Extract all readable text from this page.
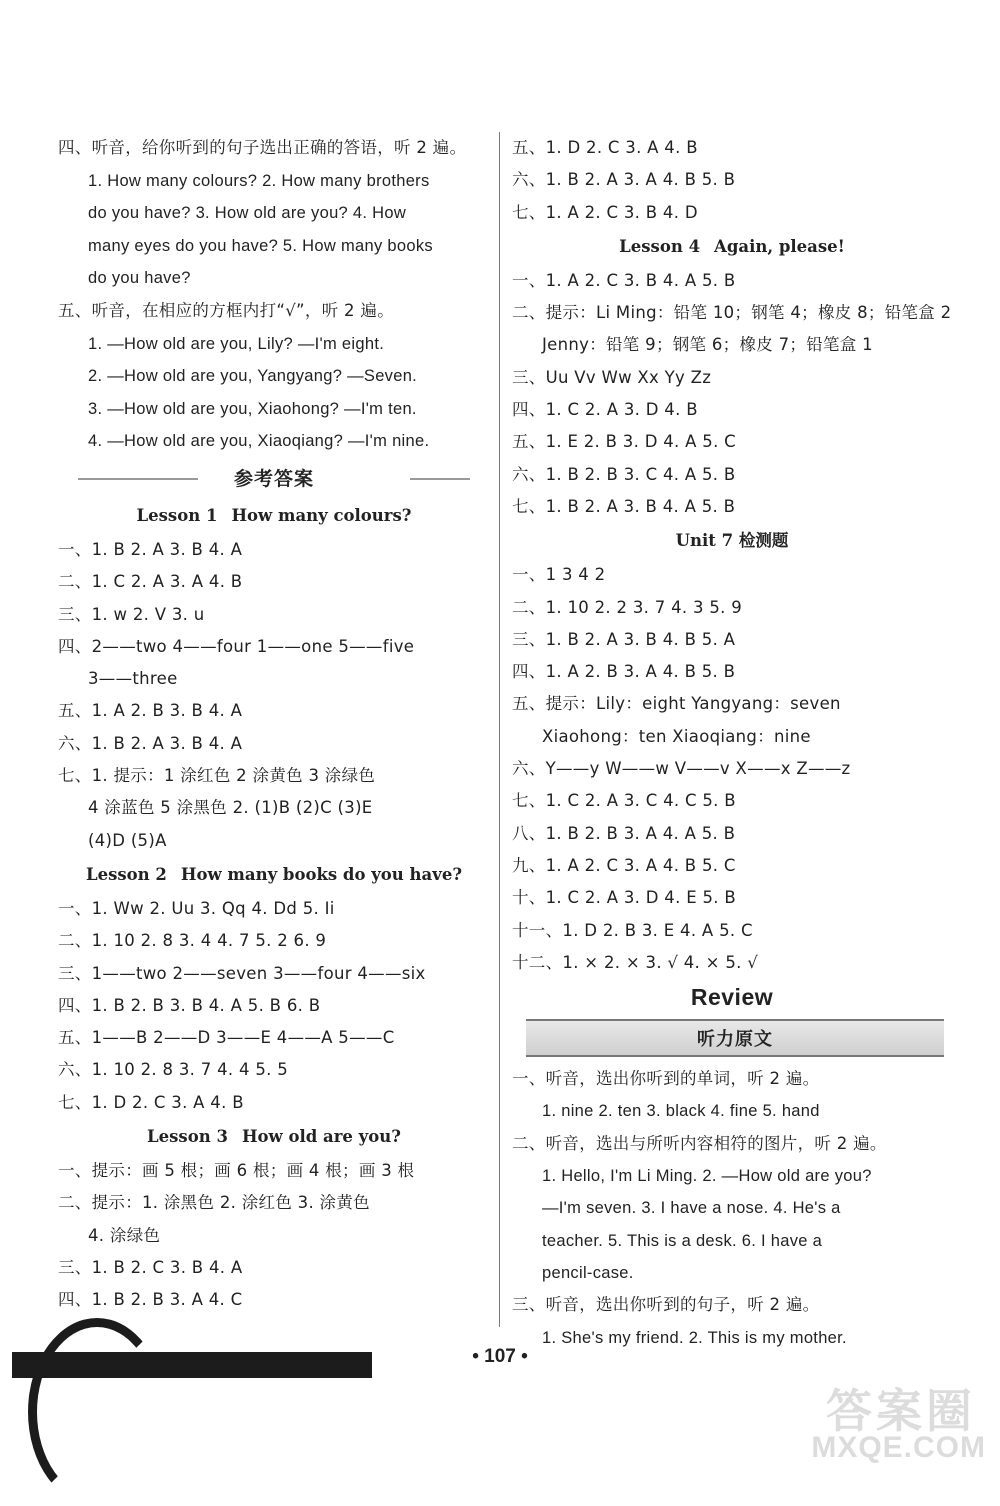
四、听音，给你听到的句子选出正确的答语，听 2 遍。
1. How many colours? 2. How many brothers
do you have? 3. How old are you? 4. How
many eyes do you have? 5. How many books
do you have?
五、听音，在相应的方框内打“√”，听 2 遍。
1. —How old are you, Lily? —I'm eight.
2. —How old are you, Yangyang? —Seven.
3. —How old are you, Xiaohong? —I'm ten.
4. —How old are you, Xiaoqiang? —I'm nine.
参考答案
Lesson 1 How many colours?
一、1. B 2. A 3. B 4. A
二、1. C 2. A 3. A 4. B
三、1. w 2. V 3. u
四、2——two 4——four 1——one 5——five
3——three
五、1. A 2. B 3. B 4. A
六、1. B 2. A 3. B 4. A
七、1. 提示：1 涂红色 2 涂黄色 3 涂绿色
4 涂蓝色 5 涂黑色 2. (1)B (2)C (3)E
(4)D (5)A
Lesson 2 How many books do you have?
一、1. Ww 2. Uu 3. Qq 4. Dd 5. Ii
二、1. 10 2. 8 3. 4 4. 7 5. 2 6. 9
三、1——two 2——seven 3——four 4——six
四、1. B 2. B 3. B 4. A 5. B 6. B
五、1——B 2——D 3——E 4——A 5——C
六、1. 10 2. 8 3. 7 4. 4 5. 5
七、1. D 2. C 3. A 4. B
Lesson 3 How old are you?
一、提示：画 5 根；画 6 根；画 4 根；画 3 根
二、提示：1. 涂黑色 2. 涂红色 3. 涂黄色
4. 涂绿色
三、1. B 2. C 3. B 4. A
四、1. B 2. B 3. A 4. C
五、1. D 2. C 3. A 4. B
六、1. B 2. A 3. A 4. B 5. B
七、1. A 2. C 3. B 4. D
Lesson 4 Again, please!
一、1. A 2. C 3. B 4. A 5. B
二、提示：Li Ming：铅笔 10；钢笔 4；橡皮 8；铅笔盒 2
Jenny：铅笔 9；钢笔 6；橡皮 7；铅笔盒 1
三、Uu Vv Ww Xx Yy Zz
四、1. C 2. A 3. D 4. B
五、1. E 2. B 3. D 4. A 5. C
六、1. B 2. B 3. C 4. A 5. B
七、1. B 2. A 3. B 4. A 5. B
Unit 7 检测题
一、1 3 4 2
二、1. 10 2. 2 3. 7 4. 3 5. 9
三、1. B 2. A 3. B 4. B 5. A
四、1. A 2. B 3. A 4. B 5. B
五、提示：Lily：eight Yangyang：seven
Xiaohong：ten Xiaoqiang：nine
六、Y——y W——w V——v X——x Z——z
七、1. C 2. A 3. C 4. C 5. B
八、1. B 2. B 3. A 4. A 5. B
九、1. A 2. C 3. A 4. B 5. C
十、1. C 2. A 3. D 4. E 5. B
十一、1. D 2. B 3. E 4. A 5. C
十二、1. × 2. × 3. √ 4. × 5. √
Review
听力原文
一、听音，选出你听到的单词，听 2 遍。
1. nine 2. ten 3. black 4. fine 5. hand
二、听音，选出与所听内容相符的图片，听 2 遍。
1. Hello, I'm Li Ming. 2. —How old are you?
—I'm seven. 3. I have a nose. 4. He's a
teacher. 5. This is a desk. 6. I have a
pencil-case.
三、听音，选出你听到的句子，听 2 遍。
1. She's my friend. 2. This is my mother.
• 107 •
答案圈
MXQE.COM
